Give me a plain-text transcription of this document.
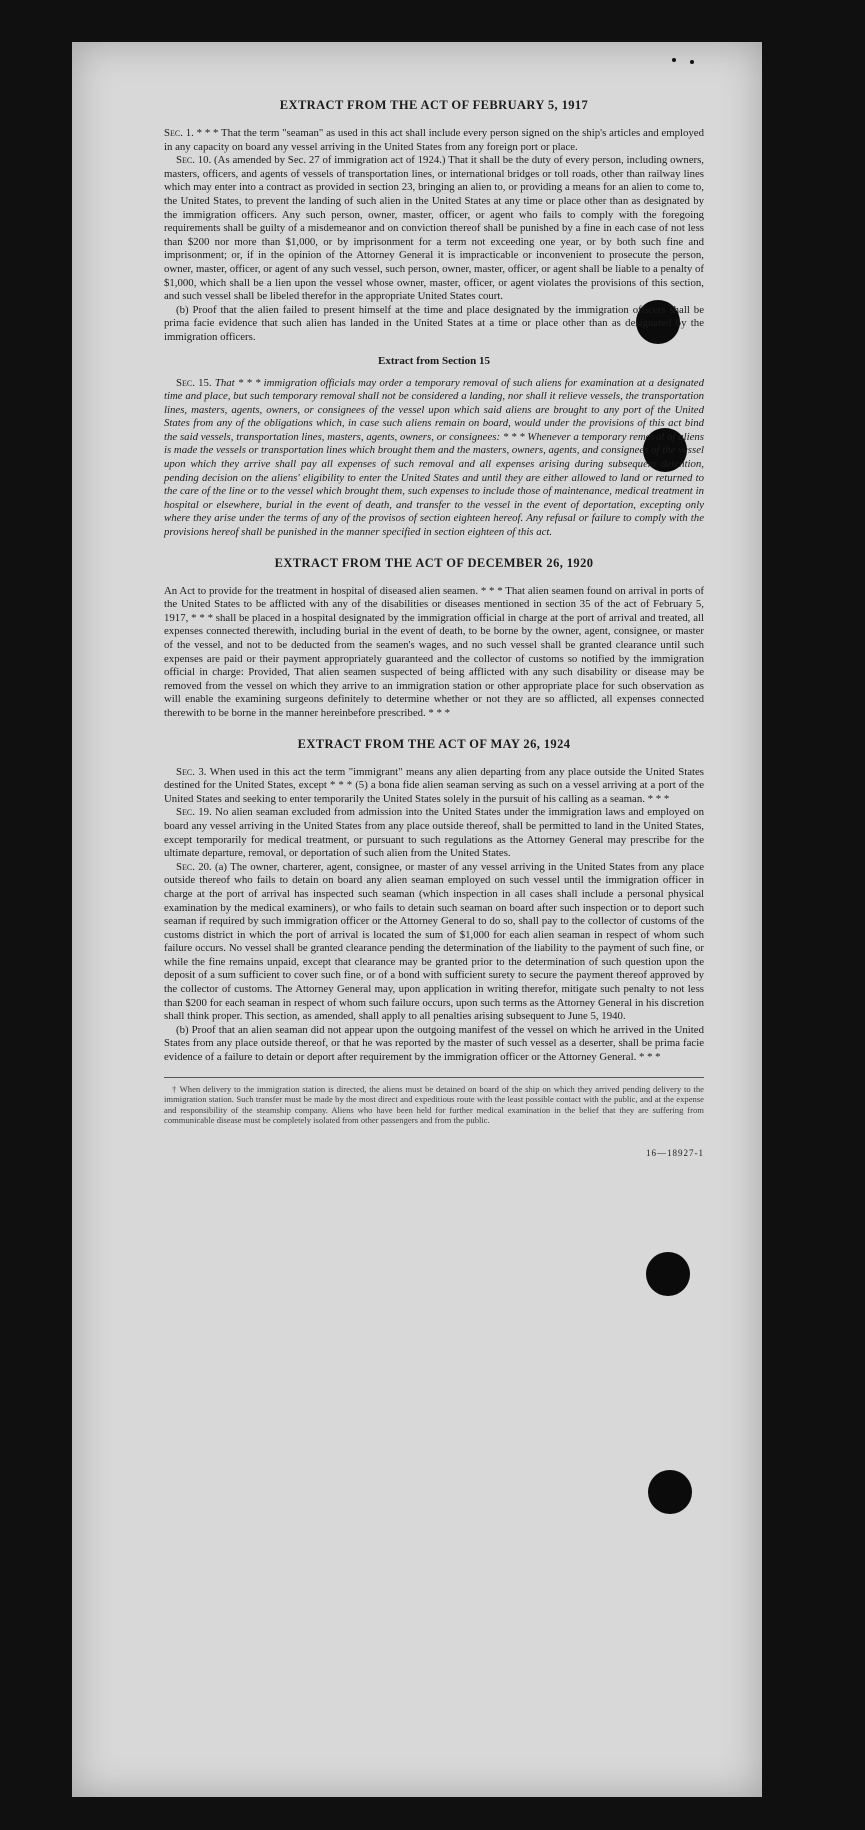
EXTRACT FROM THE ACT OF FEBRUARY 5, 1917

Sec. 1. * * * That the term "seaman" as used in this act shall include every person signed on the ship's articles and employed in any capacity on board any vessel arriving in the United States from any foreign port or place.

Sec. 10. (As amended by Sec. 27 of immigration act of 1924.) That it shall be the duty of every person, including owners, masters, officers, and agents of vessels of transportation lines, or international bridges or toll roads, other than railway lines which may enter into a contract as provided in section 23, bringing an alien to, or providing a means for an alien to come to, the United States, to prevent the landing of such alien in the United States at any time or place other than as designated by the immigration officers. Any such person, owner, master, officer, or agent who fails to comply with the foregoing requirements shall be guilty of a misdemeanor and on conviction thereof shall be punished by a fine in each case of not less than $200 nor more than $1,000, or by imprisonment for a term not exceeding one year, or by both such fine and imprisonment; or, if in the opinion of the Attorney General it is impracticable or inconvenient to prosecute the person, owner, master, officer, or agent of any such vessel, such person, owner, master, officer, or agent shall be liable to a penalty of $1,000, which shall be a lien upon the vessel whose owner, master, officer, or agent violates the provisions of this section, and such vessel shall be libeled therefor in the appropriate United States court.

(b) Proof that the alien failed to present himself at the time and place designated by the immigration officers shall be prima facie evidence that such alien has landed in the United States at a time or place other than as designated by the immigration officers.

Extract from Section 15

Sec. 15. That * * * immigration officials may order a temporary removal of such aliens for examination at a designated time and place, but such temporary removal shall not be considered a landing, nor shall it relieve vessels, the transportation lines, masters, agents, owners, or consignees of the vessel upon which said aliens are brought to any port of the United States from any of the obligations which, in case such aliens remain on board, would under the provisions of this act bind the said vessels, transportation lines, masters, agents, owners, or consignees: * * * Whenever a temporary removal of aliens is made the vessels or transportation lines which brought them and the masters, owners, agents, and consignees of the vessel upon which they arrive shall pay all expenses of such removal and all expenses arising during subsequent detention, pending decision on the aliens' eligibility to enter the United States and until they are either allowed to land or returned to the care of the line or to the vessel which brought them, such expenses to include those of maintenance, medical treatment in hospital or elsewhere, burial in the event of death, and transfer to the vessel in the event of deportation, excepting only where they arise under the terms of any of the provisos of section eighteen hereof. Any refusal or failure to comply with the provisions hereof shall be punished in the manner specified in section eighteen of this act.

EXTRACT FROM THE ACT OF DECEMBER 26, 1920

An Act to provide for the treatment in hospital of diseased alien seamen. * * * That alien seamen found on arrival in ports of the United States to be afflicted with any of the disabilities or diseases mentioned in section 35 of the act of February 5, 1917, * * * shall be placed in a hospital designated by the immigration official in charge at the port of arrival and treated, all expenses connected therewith, including burial in the event of death, to be borne by the owner, agent, consignee, or master of the vessel, and not to be deducted from the seamen's wages, and no such vessel shall be granted clearance until such expenses are paid or their payment appropriately guaranteed and the collector of customs so notified by the immigration official in charge: Provided, That alien seamen suspected of being afflicted with any such disability or disease may be removed from the vessel on which they arrive to an immigration station or other appropriate place for such observation as will enable the examining surgeons definitely to determine whether or not they are so afflicted, all expenses connected therewith to be borne in the manner hereinbefore prescribed. * * *

EXTRACT FROM THE ACT OF MAY 26, 1924

Sec. 3. When used in this act the term "immigrant" means any alien departing from any place outside the United States destined for the United States, except * * * (5) a bona fide alien seaman serving as such on a vessel arriving at a port of the United States and seeking to enter temporarily the United States solely in the pursuit of his calling as a seaman. * * *

Sec. 19. No alien seaman excluded from admission into the United States under the immigration laws and employed on board any vessel arriving in the United States from any place outside thereof, shall be permitted to land in the United States, except temporarily for medical treatment, or pursuant to such regulations as the Attorney General may prescribe for the ultimate departure, removal, or deportation of such alien from the United States.

Sec. 20. (a) The owner, charterer, agent, consignee, or master of any vessel arriving in the United States from any place outside thereof who fails to detain on board any alien seaman employed on such vessel until the immigration officer in charge at the port of arrival has inspected such seaman (which inspection in all cases shall include a personal physical examination by the medical examiners), or who fails to detain such seaman on board after such inspection or to deport such seaman if required by such immigration officer or the Attorney General to do so, shall pay to the collector of customs of the customs district in which the port of arrival is located the sum of $1,000 for each alien seaman in respect of whom such failure occurs. No vessel shall be granted clearance pending the determination of the liability to the payment of such fine, or while the fine remains unpaid, except that clearance may be granted prior to the determination of such question upon the deposit of a sum sufficient to cover such fine, or of a bond with sufficient surety to secure the payment thereof approved by the collector of customs. The Attorney General may, upon application in writing therefor, mitigate such penalty to not less than $200 for each seaman in respect of whom such failure occurs, upon such terms as the Attorney General in his discretion shall think proper. This section, as amended, shall apply to all penalties arising subsequent to June 5, 1940.

(b) Proof that an alien seaman did not appear upon the outgoing manifest of the vessel on which he arrived in the United States from any place outside thereof, or that he was reported by the master of such vessel as a deserter, shall be prima facie evidence of a failure to detain or deport after requirement by the immigration officer or the Attorney General. * * *

† When delivery to the immigration station is directed, the aliens must be detained on board of the ship on which they arrived pending delivery to the immigration station. Such transfer must be made by the most direct and expeditious route with the least possible contact with the public, and at the expense and responsibility of the steamship company. Aliens who have been held for further medical examination in the belief that they are suffering from communicable disease must be completely isolated from other passengers and from the public.

16—18927-1
